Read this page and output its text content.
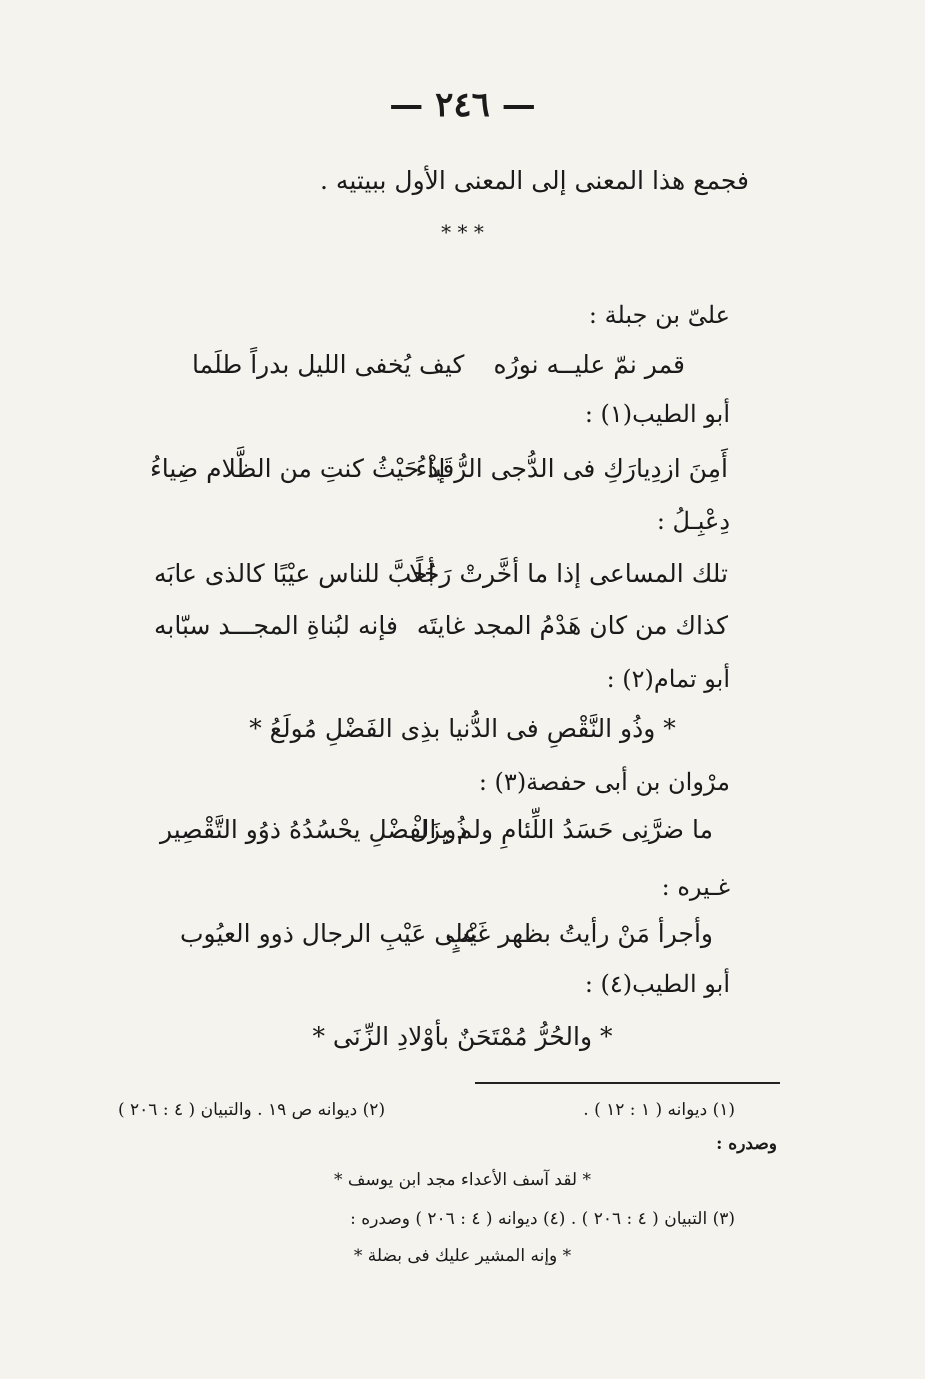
— ٢٤٦ —
فجمع هذا المعنى إلى المعنى الأول ببيتيه .
* * *
علىّ بن جبلة :
قمر نمّ عليــه نورُه
كيف يُخفى الليل بدراً طلَما
أبو الطيب(١) :
أَمِنَ ازدِيارَكِ فى الدُّجى الرُّقَباءُ
إذْ حَيْثُ كنتِ من الظَّلام ضِياءُ
دِعْبِـلُ :
تلك المساعى إذا ما أخَّرتْ رَجُلًا
أحبَّ للناس عيْبًا كالذى عابَه
كذاك من كان هَدْمُ المجد غايتَه
فإنه لبُناةِ المجـــد سبّابه
أبو تمام(٢) :
* وذُو النَّقْصِ فى الدُّنيا بذِى الفَضْلِ مُولَعُ *
مرْوان بن أبى حفصة(٣) :
ما ضرَّنِى حَسَدُ اللِّئامِ ولم يزَلْ
ذُو الفضْلِ يحْسُدُهُ ذوُو التَّقْصِير
غـيره :
وأجرأ مَنْ رأيتُ بظهر غَيْبٍ
على عَيْبِ الرجال ذوو العيُوب
أبو الطيب(٤) :
* والحُرُّ مُمْتَحَنٌ بأوْلادِ الزِّنَى *
(١) ديوانه ( ١ : ١٢ ) .
(٢) ديوانه ص ١٩ . والتبيان ( ٤ : ٢٠٦ )
وصدره :
* لقد آسف الأعداء مجد ابن يوسف *
(٣) التبيان ( ٤ : ٢٠٦ ) . (٤) ديوانه ( ٤ : ٢٠٦ ) وصدره :
* وإنه المشير عليك فى بضلة *
